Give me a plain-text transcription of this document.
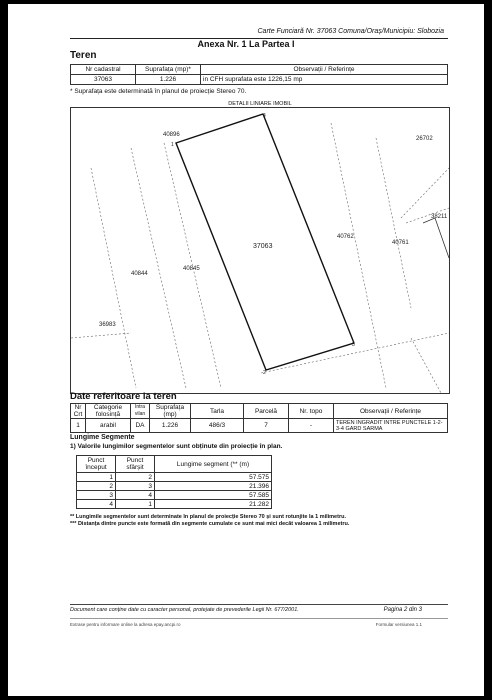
Carte Funciară Nr. 37063 Comuna/Oraș/Municipiu: Slobozia
Anexa Nr. 1 La Partea I
Teren
Nr cadastral	Suprafața (mp)*	Observații / Referințe
37063	1.226	in CFH suprafata este 1226,15 mp
* Suprafața este determinată în planul de proiecție Stereo 70.
DETALII LINIARE IMOBIL
40896
26702
38211
37063
40762
40761
40844
40845
36983
4
1
2
3
Date referitoare la teren
Nr Crt	Categorie folosință	Intra vilan	Suprafața (mp)	Tarla	Parcelă	Nr. topo	Observații / Referințe
1	arabil	DA	1.226	486/3	7	-	TEREN INGRADIT INTRE PUNCTELE 1-2-3-4 GARD SARMA
Lungime Segmente
1) Valorile lungimilor segmentelor sunt obținute din proiecție în plan.
Punct început	Punct sfârșit	Lungime segment (** (m)
1	2	57.575
2	3	21.396
3	4	57.585
4	1	21.282
** Lungimile segmentelor sunt determinate în planul de proiecție Stereo 70 și sunt rotunjite la 1 milimetru.
*** Distanța dintre puncte este formată din segmente cumulate ce sunt mai mici decât valoarea 1 milimetru.
Document care conține date cu caracter personal, protejate de prevederile Legii Nr. 677/2001.	Pagina 2 din 3
Extrase pentru informare online la adresa epay.ancpi.ro	Formular versiunea 1.1
